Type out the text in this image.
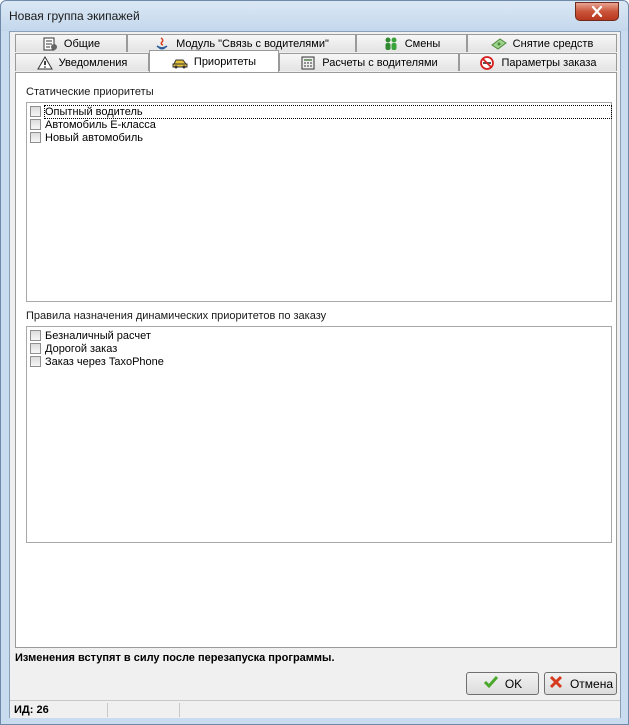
Новая группа экипажей
Общие	Модуль "Связь с водителями"	Смены	Снятие средств
Уведомления	Приоритеты	Расчеты с водителями	Параметры заказа
Статические приоритеты
Опытный водитель
Автомобиль Е-класса
Новый автомобиль
Правила назначения динамических приоритетов по заказу
Безналичный расчет
Дорогой заказ
Заказ через TaxoPhone
Изменения вступят в силу после перезапуска программы.
OK	Отмена
ИД: 26
